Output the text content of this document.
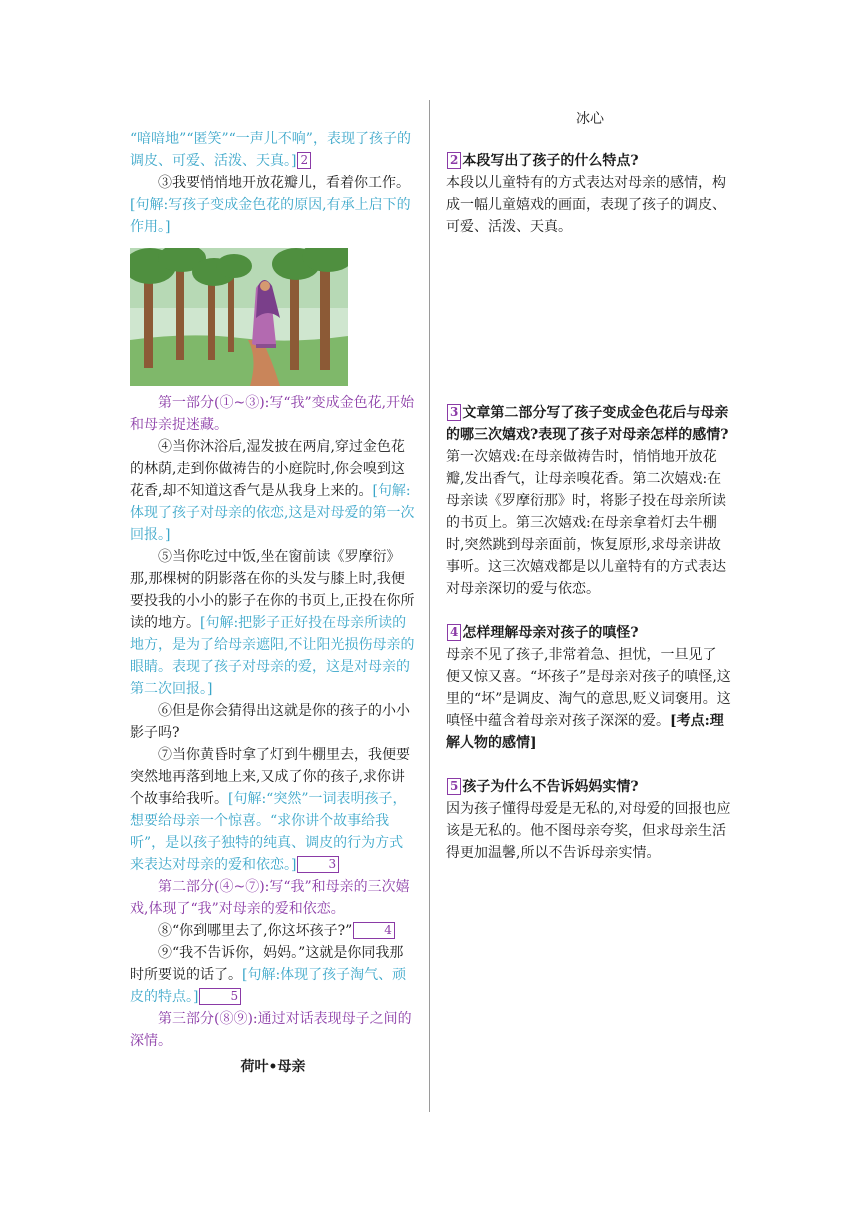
“喑喑地”“匿笑”“一声儿不响”，表现了孩子的调皮、可爱、活泼、天真。] 2

③我要悄悄地开放花瓣儿，看着你工作。

[句解:写孩子变成金色花的原因,有承上启下的作用。]

第一部分(①~③):写“我”变成金色花,开始和母亲捉迷藏。

④当你沐浴后,湿发披在两肩,穿过金色花的林荫,走到你做祷告的小庭院时,你会嗅到这花香,却不知道这香气是从我身上来的。[句解:体现了孩子对母亲的依恋,这是对母爱的第一次回报。]

⑤当你吃过中饭,坐在窗前读《罗摩衍》那,那棵树的阴影落在你的头发与膝上时,我便要投我的小小的影子在你的书页上,正投在你所读的地方。[句解:把影子正好投在母亲所读的地方，是为了给母亲遮阳,不让阳光损伤母亲的眼睛。表现了孩子对母亲的爱，这是对母亲的第二次回报。]

⑥但是你会猜得出这就是你的孩子的小小影子吗?

⑦当你黄昏时拿了灯到牛棚里去，我便要突然地再落到地上来,又成了你的孩子,求你讲个故事给我听。[句解:“突然”一词表明孩子，想要给母亲一个惊喜。“求你讲个故事给我听”，是以孩子独特的纯真、调皮的行为方式来表达对母亲的爱和依恋。]	3

第二部分(④~⑦):写“我”和母亲的三次嬉戏,体现了“我”对母亲的爱和依恋。

⑧“你到哪里去了,你这坏孩子?”	4

⑨“我不告诉你，妈妈。”这就是你同我那时所要说的话了。[句解:体现了孩子淘气、顽皮的特点。]	5

第三部分(⑧⑨):通过对话表现母子之间的深情。

荷叶•母亲

冰心

2 本段写出了孩子的什么特点?

本段以儿童特有的方式表达对母亲的感情，构成一幅儿童嬉戏的画面，表现了孩子的调皮、可爱、活泼、天真。

3 文章第二部分写了孩子变成金色花后与母亲的哪三次嬉戏?表现了孩子对母亲怎样的感情?

第一次嬉戏:在母亲做祷告时，悄悄地开放花瓣,发出香气，让母亲嗅花香。第二次嬉戏:在母亲读《罗摩衍那》时，将影子投在母亲所读的书页上。第三次嬉戏:在母亲拿着灯去牛棚时,突然跳到母亲面前，恢复原形,求母亲讲故事听。这三次嬉戏都是以儿童特有的方式表达对母亲深切的爱与依恋。

4 怎样理解母亲对孩子的嗔怪?

母亲不见了孩子,非常着急、担忧，一旦见了

便又惊又喜。“坏孩子”是母亲对孩子的嗔怪,这里的“坏”是调皮、淘气的意思,贬义词褒用。这嗔怪中蕴含着母亲对孩子深深的爱。[考点:理解人物的感情]

5 孩子为什么不告诉妈妈实情?

因为孩子懂得母爱是无私的,对母爱的回报也应该是无私的。他不图母亲夸奖，但求母亲生活得更加温馨,所以不告诉母亲实情。
